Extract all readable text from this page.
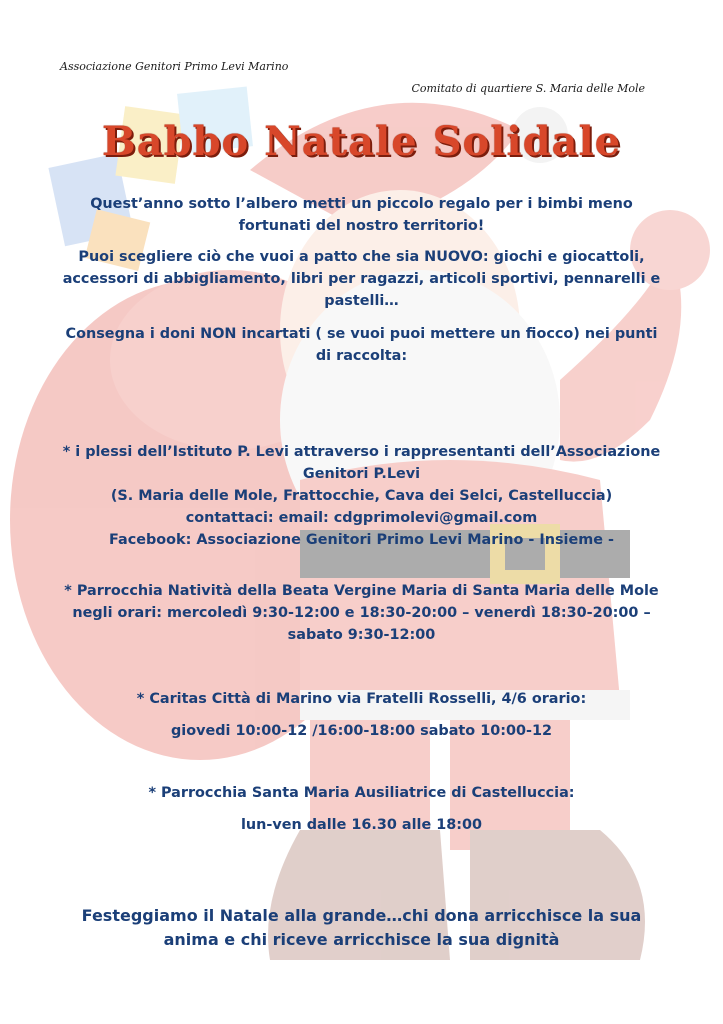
Associazione Genitori Primo Levi Marino
Comitato di quartiere S. Maria delle Mole
Babbo Natale Solidale
Quest’anno sotto l’albero metti un piccolo regalo per i bimbi meno
fortunati del nostro territorio!
Puoi scegliere ciò che vuoi a patto che sia NUOVO: giochi e giocattoli,
accessori di abbigliamento, libri per ragazzi, articoli sportivi, pennarelli e
pastelli…
Consegna i doni NON incartati ( se vuoi puoi mettere un fiocco) nei punti
di raccolta:
* i plessi dell’Istituto P. Levi attraverso i rappresentanti dell’Associazione
Genitori P.Levi
(S. Maria delle Mole, Frattocchie, Cava dei Selci, Castelluccia)
contattaci: email: cdgprimolevi@gmail.com
Facebook: Associazione Genitori Primo Levi Marino - Insieme -
* Parrocchia Natività della Beata Vergine Maria di Santa Maria delle Mole
negli orari: mercoledì 9:30-12:00 e 18:30-20:00 – venerdì 18:30-20:00 –
sabato 9:30-12:00
* Caritas Città di Marino via Fratelli Rosselli, 4/6 orario:
giovedi 10:00-12 /16:00-18:00 sabato 10:00-12
* Parrocchia Santa Maria Ausiliatrice di Castelluccia:
lun-ven dalle 16.30 alle 18:00
Festeggiamo il Natale alla grande…chi dona arricchisce la sua
anima e chi riceve arricchisce la sua dignità
